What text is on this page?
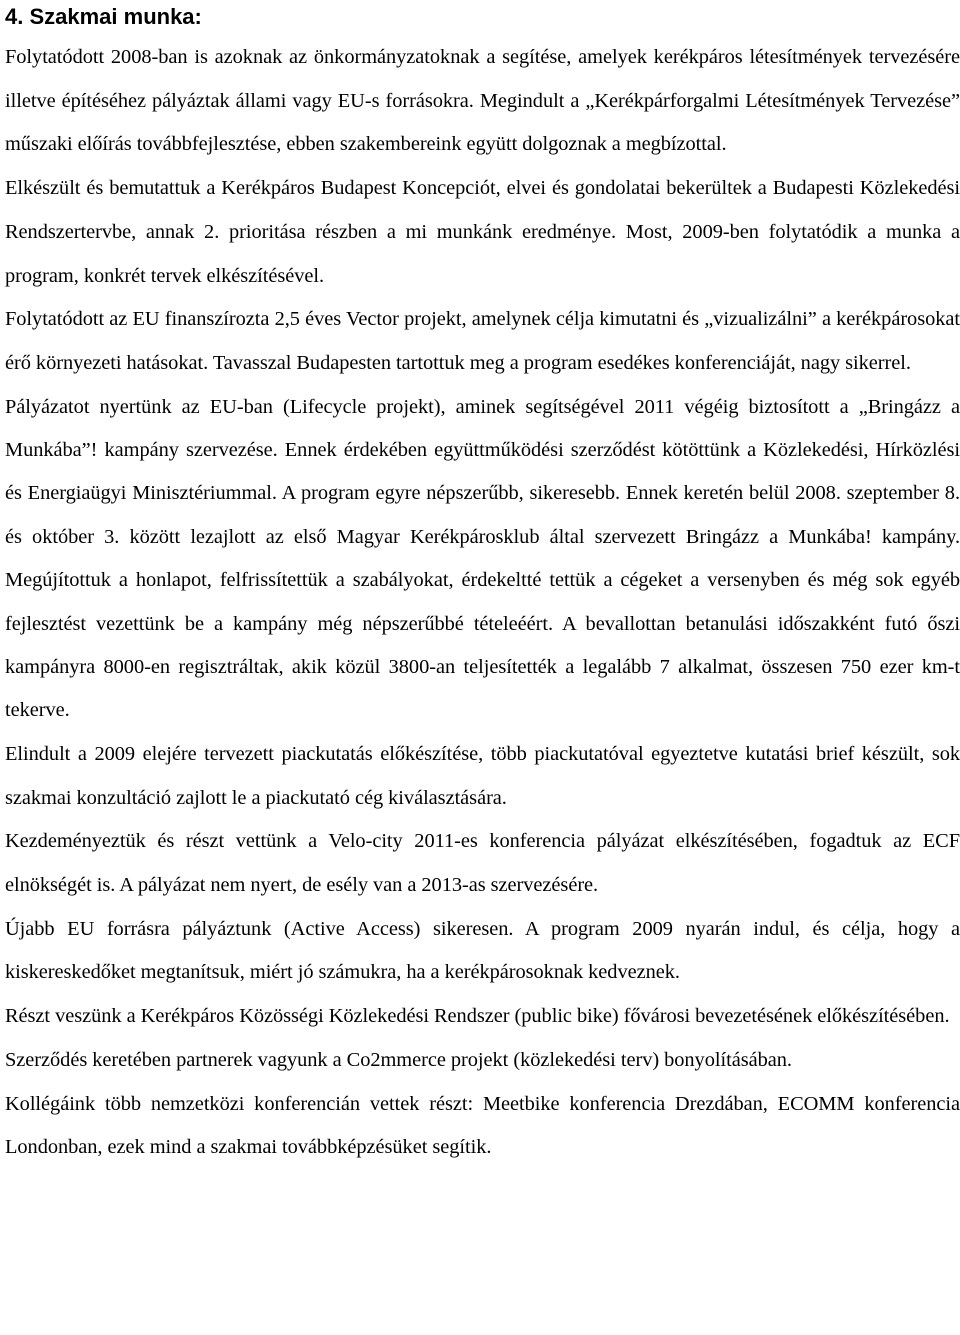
4. Szakmai munka:

Folytatódott 2008-ban is azoknak az önkormányzatoknak a segítése, amelyek kerékpáros létesítmények tervezésére illetve építéséhez pályáztak állami vagy EU-s forrásokra. Megindult a „Kerékpárforgalmi Létesítmények Tervezése” műszaki előírás továbbfejlesztése, ebben szakembereink együtt dolgoznak a megbízottal.

Elkészült és bemutattuk a Kerékpáros Budapest Koncepciót, elvei és gondolatai bekerültek a Budapesti Közlekedési Rendszertervbe, annak 2. prioritása részben a mi munkánk eredménye. Most, 2009-ben folytatódik a munka a program, konkrét tervek elkészítésével.

Folytatódott az EU finanszírozta 2,5 éves Vector projekt, amelynek célja kimutatni és „vizualizálni” a kerékpárosokat érő környezeti hatásokat. Tavasszal Budapesten tartottuk meg a program esedékes konferenciáját, nagy sikerrel.

Pályázatot nyertünk az EU-ban (Lifecycle projekt), aminek segítségével 2011 végéig biztosított a „Bringázz a Munkába”! kampány szervezése. Ennek érdekében együttműködési szerződést kötöttünk a Közlekedési, Hírközlési és Energiaügyi Minisztériummal. A program egyre népszerűbb, sikeresebb. Ennek keretén belül 2008. szeptember 8. és október 3. között lezajlott az első Magyar Kerékpárosklub által szervezett Bringázz a Munkába! kampány. Megújítottuk a honlapot, felfrissítettük a szabályokat, érdekeltté tettük a cégeket a versenyben és még sok egyéb fejlesztést vezettünk be a kampány még népszerűbbé tételeéért. A bevallottan betanulási időszakként futó őszi kampányra 8000-en regisztráltak, akik közül 3800-an teljesítették a legalább 7 alkalmat, összesen 750 ezer km-t tekerve.

Elindult a 2009 elejére tervezett piackutatás előkészítése, több piackutatóval egyeztetve kutatási brief készült, sok szakmai konzultáció zajlott le a piackutató cég kiválasztására.

Kezdeményeztük és részt vettünk a Velo-city 2011-es konferencia pályázat elkészítésében, fogadtuk az ECF elnökségét is. A pályázat nem nyert, de esély van a 2013-as szervezésére.

Újabb EU forrásra pályáztunk (Active Access) sikeresen. A program 2009 nyarán indul, és célja, hogy a kiskereskedőket megtanítsuk, miért jó számukra, ha a kerékpárosoknak kedveznek.

Részt veszünk a Kerékpáros Közösségi Közlekedési Rendszer (public bike) fővárosi bevezetésének előkészítésében.

Szerződés keretében partnerek vagyunk a Co2mmerce projekt (közlekedési terv) bonyolításában.

Kollégáink több nemzetközi konferencián vettek részt: Meetbike konferencia Drezdában, ECOMM konferencia Londonban, ezek mind a szakmai továbbképzésüket segítik.
